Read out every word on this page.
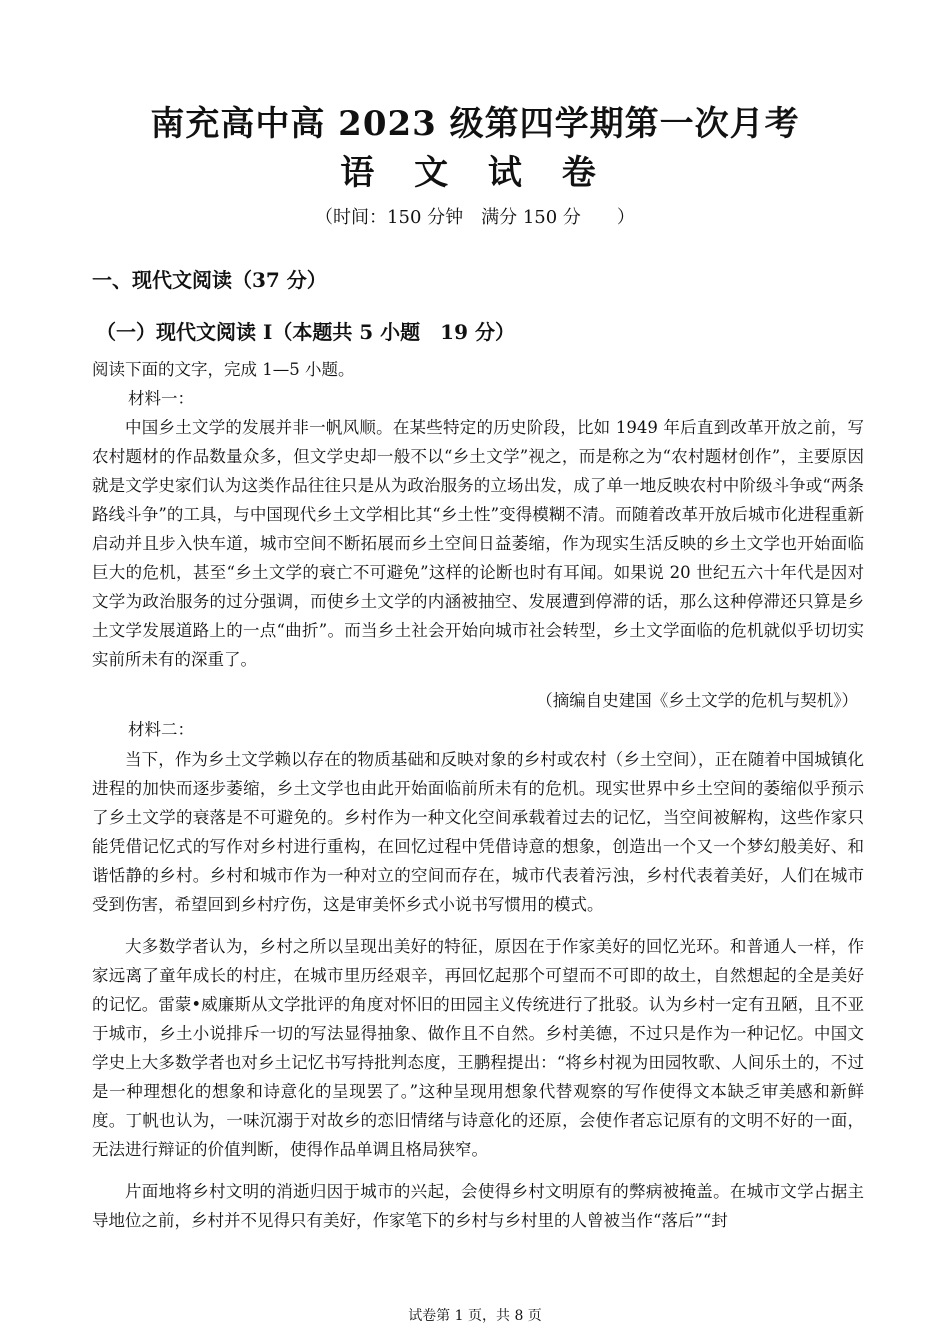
南充高中高 2023 级第四学期第一次月考
语 文 试 卷
（时间：150 分钟　满分 150 分　　）
一、现代文阅读（37 分）
（一）现代文阅读 I（本题共 5 小题　19 分）
阅读下面的文字，完成 1—5 小题。
材料一：

中国乡土文学的发展并非一帆风顺。在某些特定的历史阶段，比如 1949 年后直到改革开放之前，写农村题材的作品数量众多，但文学史却一般不以“乡土文学”视之，而是称之为“农村题材创作”，主要原因就是文学史家们认为这类作品往往只是从为政治服务的立场出发，成了单一地反映农村中阶级斗争或“两条路线斗争”的工具，与中国现代乡土文学相比其“乡土性”变得模糊不清。而随着改革开放后城市化进程重新启动并且步入快车道，城市空间不断拓展而乡土空间日益萎缩，作为现实生活反映的乡土文学也开始面临巨大的危机，甚至“乡土文学的衰亡不可避免”这样的论断也时有耳闻。如果说 20 世纪五六十年代是因对文学为政治服务的过分强调，而使乡土文学的内涵被抽空、发展遭到停滞的话，那么这种停滞还只算是乡土文学发展道路上的一点“曲折”。而当乡土社会开始向城市社会转型，乡土文学面临的危机就似乎切切实实前所未有的深重了。

（摘编自史建国《乡土文学的危机与契机》）
材料二：

当下，作为乡土文学赖以存在的物质基础和反映对象的乡村或农村（乡土空间），正在随着中国城镇化进程的加快而逐步萎缩，乡土文学也由此开始面临前所未有的危机。现实世界中乡土空间的萎缩似乎预示了乡土文学的衰落是不可避免的。乡村作为一种文化空间承载着过去的记忆，当空间被解构，这些作家只能凭借记忆式的写作对乡村进行重构，在回忆过程中凭借诗意的想象，创造出一个又一个梦幻般美好、和谐恬静的乡村。乡村和城市作为一种对立的空间而存在，城市代表着污浊，乡村代表着美好，人们在城市受到伤害，希望回到乡村疗伤，这是审美怀乡式小说书写惯用的模式。

大多数学者认为，乡村之所以呈现出美好的特征，原因在于作家美好的回忆光环。和普通人一样，作家远离了童年成长的村庄，在城市里历经艰辛，再回忆起那个可望而不可即的故土，自然想起的全是美好的记忆。雷蒙•威廉斯从文学批评的角度对怀旧的田园主义传统进行了批驳。认为乡村一定有丑陋，且不亚于城市，乡土小说排斥一切的写法显得抽象、做作且不自然。乡村美德，不过只是作为一种记忆。中国文学史上大多数学者也对乡土记忆书写持批判态度，王鹏程提出：“将乡村视为田园牧歌、人间乐土的，不过是一种理想化的想象和诗意化的呈现罢了。”这种呈现用想象代替观察的写作使得文本缺乏审美感和新鲜度。丁帆也认为，一味沉溺于对故乡的恋旧情绪与诗意化的还原，会使作者忘记原有的文明不好的一面，无法进行辩证的价值判断，使得作品单调且格局狭窄。

片面地将乡村文明的消逝归因于城市的兴起，会使得乡村文明原有的弊病被掩盖。在城市文学占据主导地位之前，乡村并不见得只有美好，作家笔下的乡村与乡村里的人曾被当作“落后”“封

试卷第 1 页，共 8 页
